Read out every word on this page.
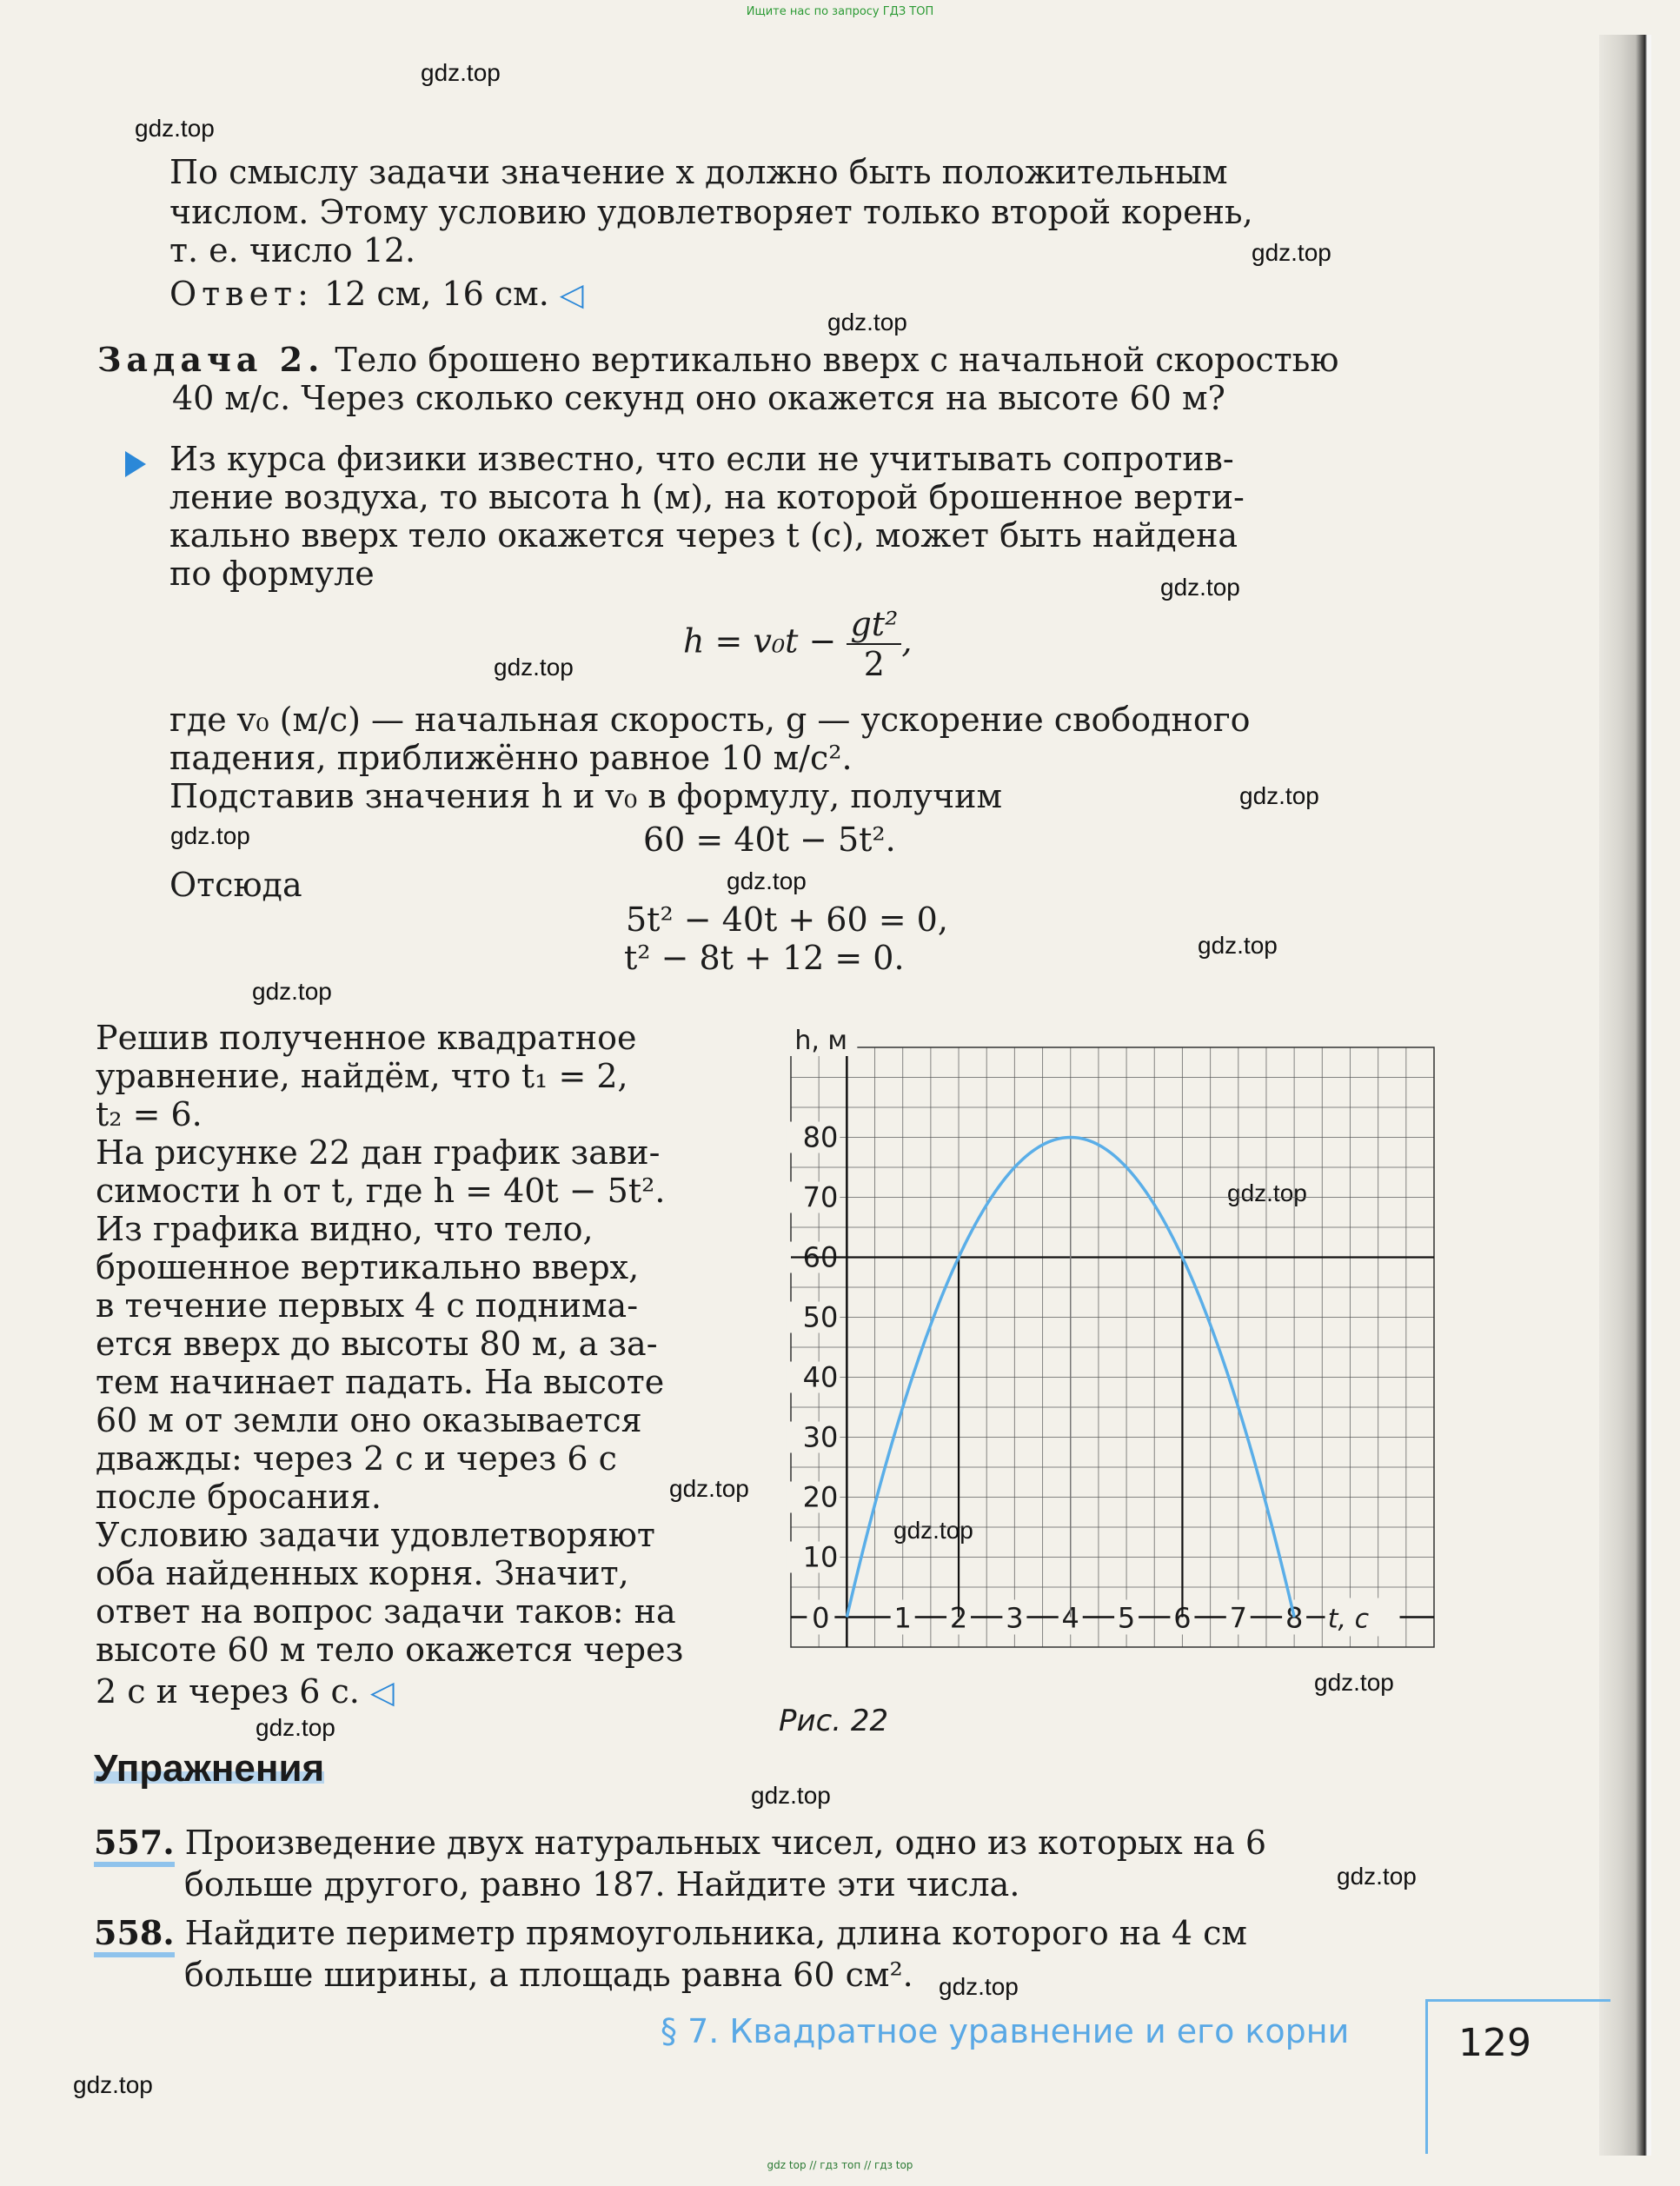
Ищите нас по запросу ГДЗ ТОП
gdz.top
gdz.top
gdz.top
gdz.top
gdz.top
gdz.top
gdz.top
gdz.top
gdz.top
gdz.top
gdz.top
gdz.top
gdz.top
gdz.top
gdz.top
gdz.top
gdz.top
gdz.top
gdz.top
gdz.top
По смыслу задачи значение x должно быть положительным
числом. Этому условию удовлетворяет только второй корень,
т. е. число 12.
Ответ: 12 см, 16 см. ◁
Задача 2. Тело брошено вертикально вверх с начальной скоростью
40 м/с. Через сколько секунд оно окажется на высоте 60 м?
Из курса физики известно, что если не учитывать сопротив-
ление воздуха, то высота h (м), на которой брошенное верти-
кально вверх тело окажется через t (с), может быть найдена
по формуле
$h = v_0t - \frac{\text{gt²}}{2}$ ,
где v₀ (м/с) — начальная скорость, g — ускорение свободного
падения, приближённо равное 10 м/с².
Подставив значения h и v₀ в формулу, получим
60 = 40t − 5t².
Отсюда
5t² − 40t + 60 = 0,
t² − 8t + 12 = 0.
Решив полученное квадратное
уравнение, найдём, что t₁ = 2,
t₂ = 6.
На рисунке 22 дан график зави-
симости h от t, где h = 40t − 5t².
Из графика видно, что тело,
брошенное вертикально вверх,
в течение первых 4 с поднима-
ется вверх до высоты 80 м, а за-
тем начинает падать. На высоте
60 м от земли оно оказывается
дважды: через 2 с и через 6 с
после бросания.
Условию задачи удовлетворяют
оба найденных корня. Значит,
ответ на вопрос задачи таков: на
высоте 60 м тело окажется через
2 с и через 6 с. ◁
10
20
30
40
50
60
70
80
1 2 3 4 5 6 7 8
0
h, м
t, с
Рис. 22
Упражнения
557. Произведение двух натуральных чисел, одно из которых на 6
больше другого, равно 187. Найдите эти числа.
558. Найдите периметр прямоугольника, длина которого на 4 см
больше ширины, а площадь равна 60 см².
§ 7. Квадратное уравнение и его корни	129
gdz top // гдз топ // гдз top
